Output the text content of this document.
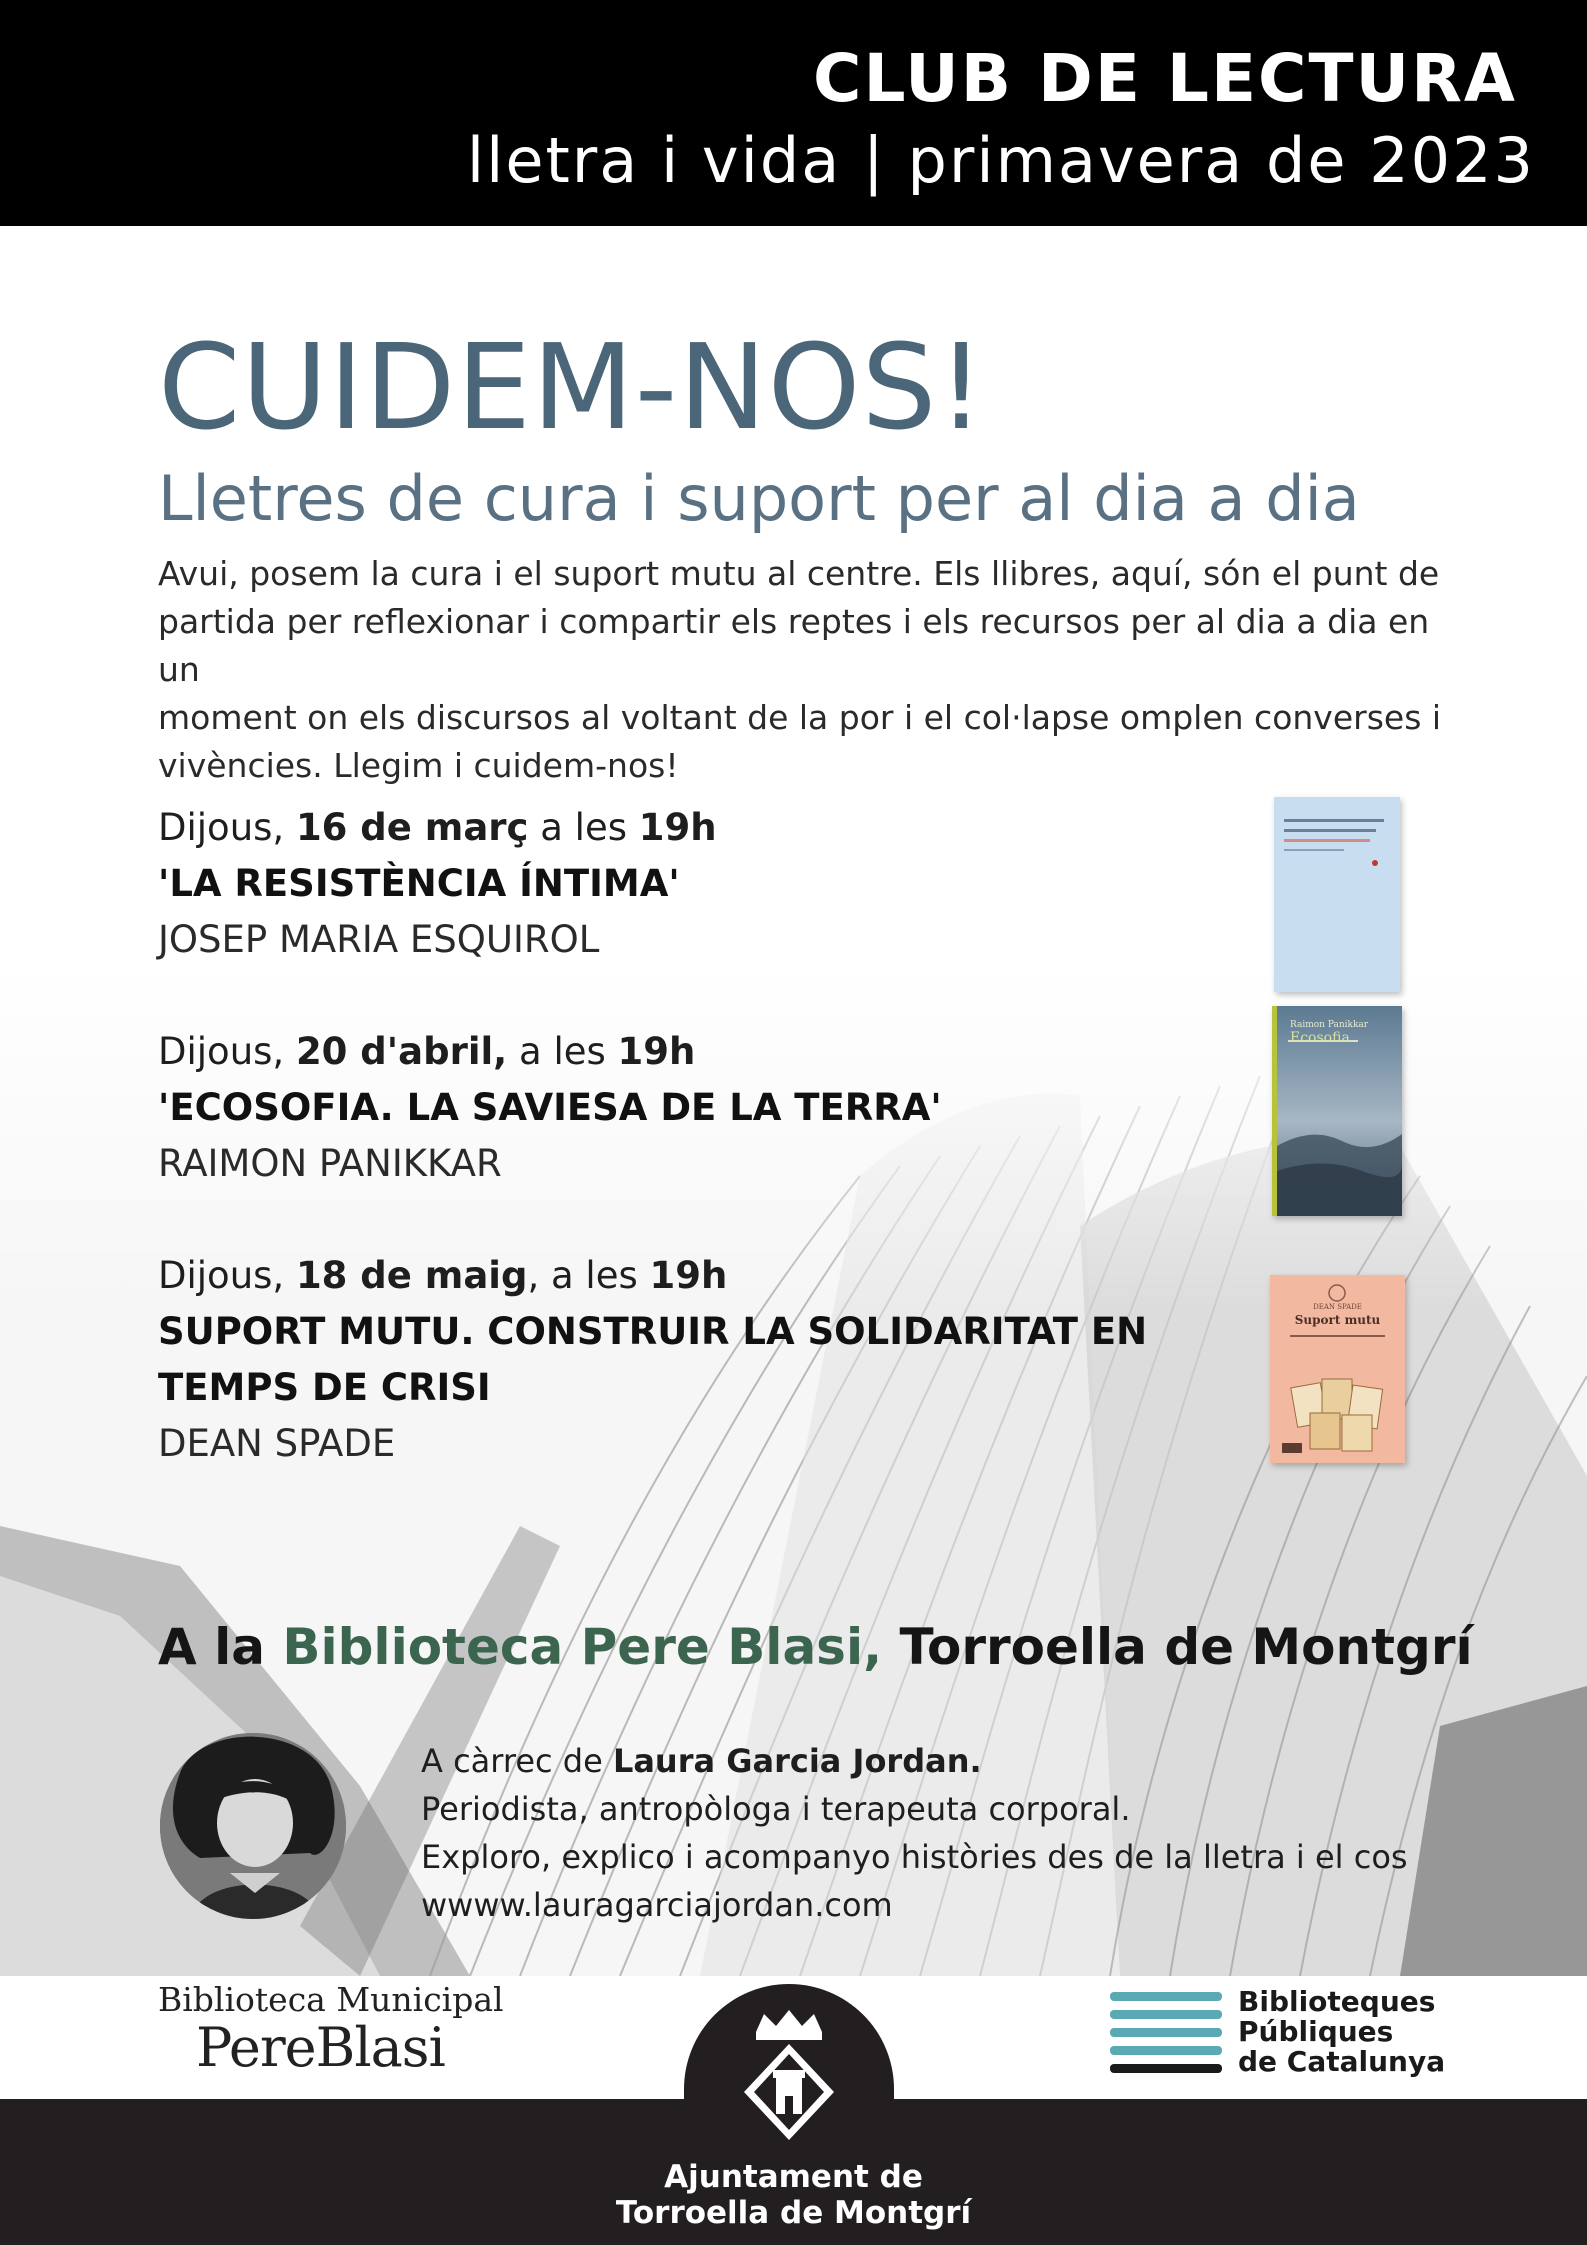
CLUB DE LECTURA
lletra i vida | primavera de 2023
CUIDEM-NOS!
Lletres de cura i suport per al dia a dia
Avui, posem la cura i el suport mutu al centre. Els llibres, aquí, són el punt de
partida per reflexionar i compartir els reptes i els recursos per al dia a dia en un
moment on els discursos al voltant de la por i el col·lapse omplen converses i
vivències. Llegim i cuidem-nos!
Dijous, 16 de març a les 19h
'LA RESISTÈNCIA ÍNTIMA'
JOSEP MARIA ESQUIROL
Dijous, 20 d'abril, a les 19h
'ECOSOFIA. LA SAVIESA DE LA TERRA'
RAIMON PANIKKAR
Dijous, 18 de maig, a les 19h
SUPORT MUTU. CONSTRUIR LA SOLIDARITAT EN
TEMPS DE CRISI
DEAN SPADE
Raimon Panikkar
Ecosofia
DEAN SPADE
Suport mutu
A la Biblioteca Pere Blasi, Torroella de Montgrí
A càrrec de Laura Garcia Jordan.
Periodista, antropòloga i terapeuta corporal.
Exploro, explico i acompanyo històries des de la lletra i el cos
wwww.lauragarciajordan.com
Biblioteca Municipal
PereBlasi
Biblioteques
Públiques
de Catalunya
Ajuntament de
Torroella de Montgrí
